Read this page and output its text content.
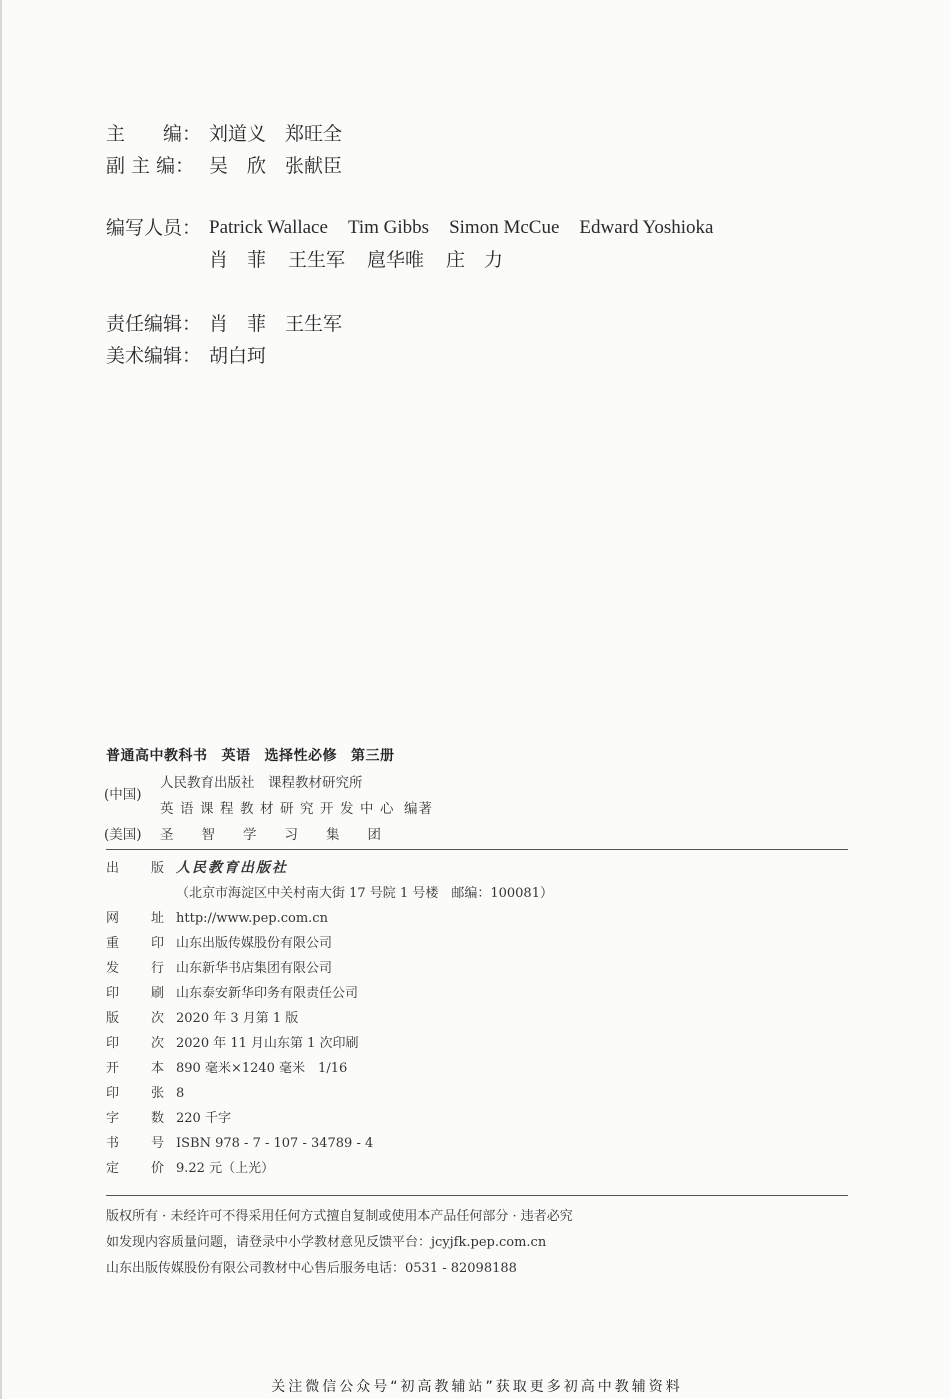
主　　编： 刘道义　郑旺全
副 主 编： 吴　欣　张献臣
编写人员： Patrick Wallace Tim Gibbs Simon McCue Edward Yoshioka
肖　菲 王生军 扈华唯 庄　力
责任编辑： 肖　菲　王生军
美术编辑： 胡白珂
普通高中教科书 英语 选择性必修 第三册
(中国)
人民教育出版社　课程教材研究所
英语课程教材研究开发中心 编著
(美国) 圣智学习集团
出 版 人民教育出版社
（北京市海淀区中关村南大街 17 号院 1 号楼　邮编：100081）
网 址 http://www.pep.com.cn
重 印 山东出版传媒股份有限公司
发 行 山东新华书店集团有限公司
印 刷 山东泰安新华印务有限责任公司
版 次 2020 年 3 月第 1 版
印 次 2020 年 11 月山东第 1 次印刷
开 本 890 毫米×1240 毫米　1/16
印 张 8
字 数 220 千字
书 号 ISBN 978 - 7 - 107 - 34789 - 4
定 价 9.22 元（上光）
版权所有 · 未经许可不得采用任何方式擅自复制或使用本产品任何部分 · 违者必究
如发现内容质量问题，请登录中小学教材意见反馈平台：jcyjfk.pep.com.cn
山东出版传媒股份有限公司教材中心售后服务电话：0531 - 82098188
关注微信公众号“初高教辅站”获取更多初高中教辅资料
